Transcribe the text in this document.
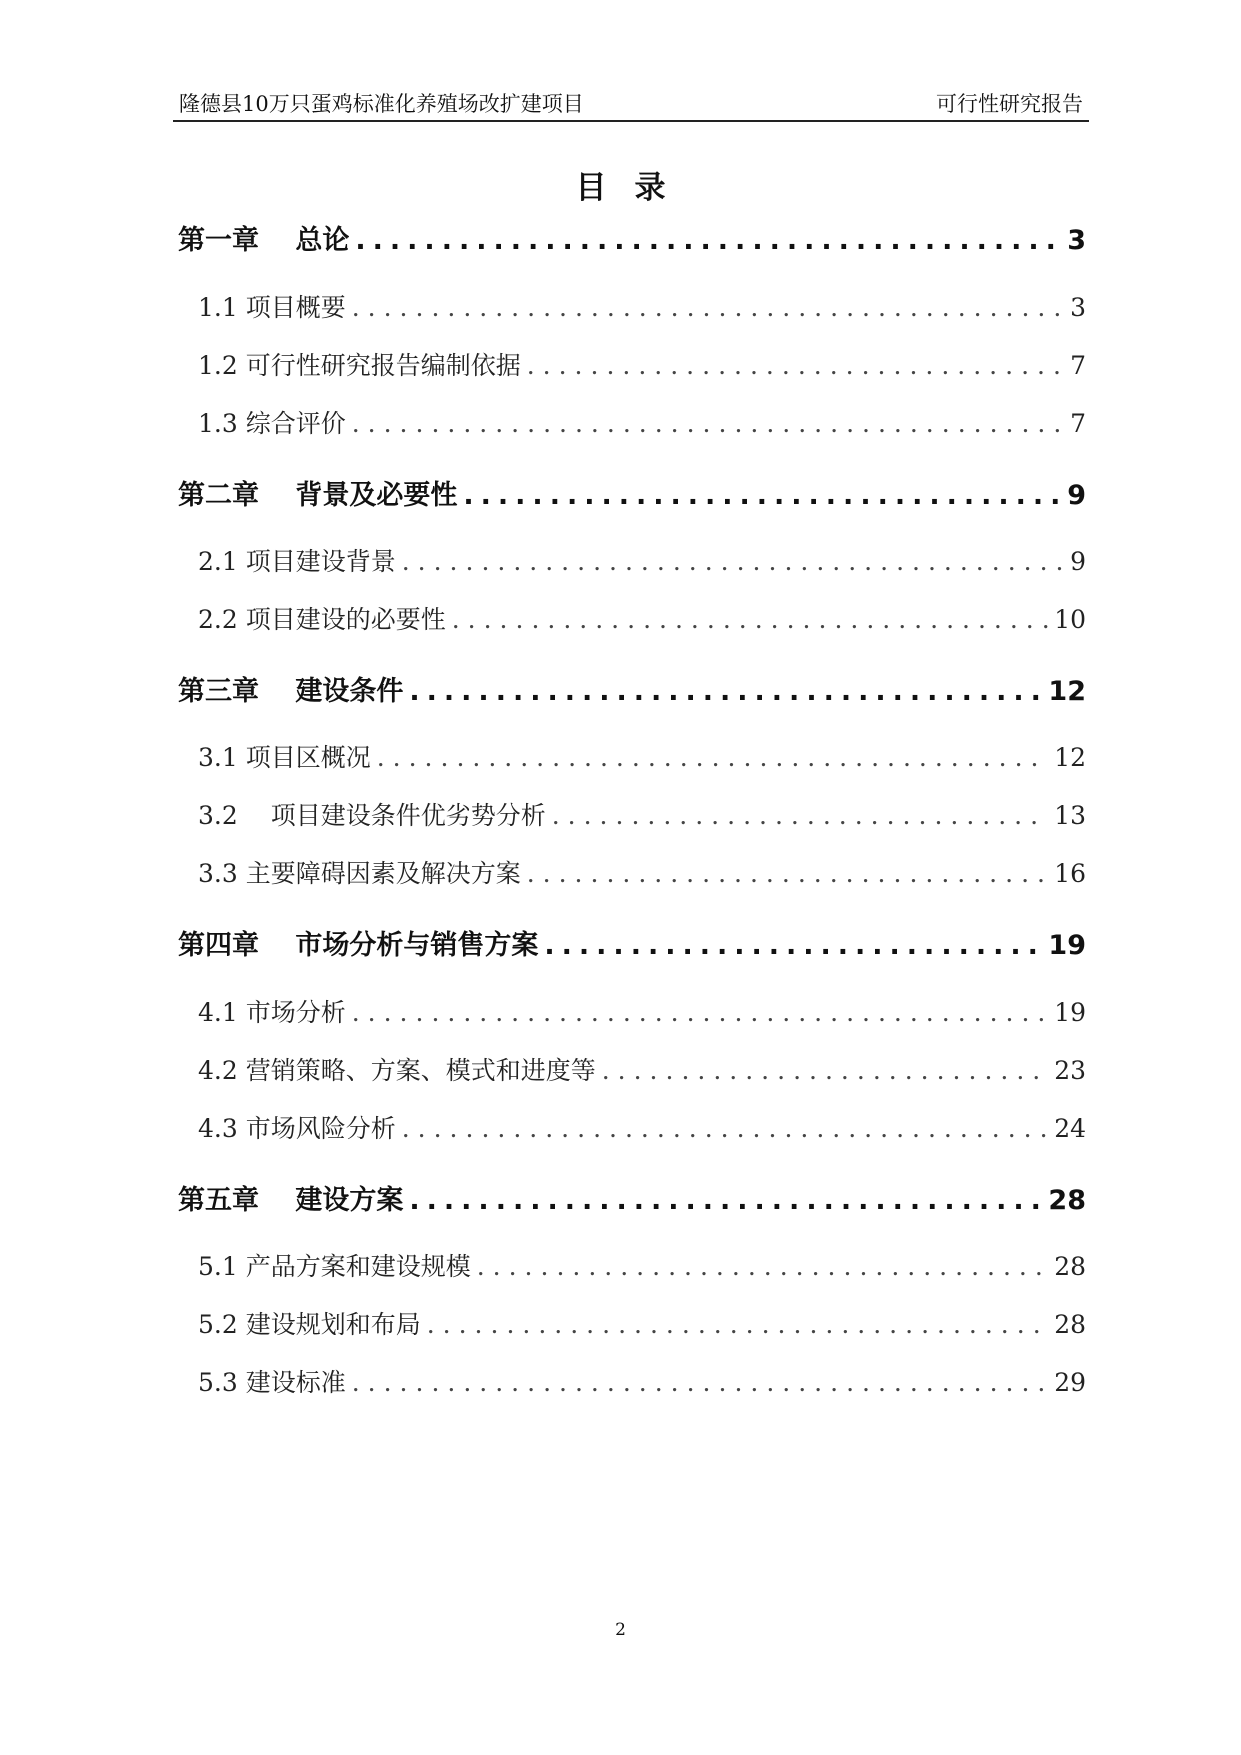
隆德县10万只蛋鸡标准化养殖场改扩建项目	可行性研究报告
目录
第一章　 总论 .....	3
1.1 项目概要 .....	3
1.2 可行性研究报告编制依据 .....	7
1.3 综合评价 .....	7
第二章　 背景及必要性 .....	9
2.1 项目建设背景 .....	9
2.2 项目建设的必要性 .....	10
第三章　 建设条件 .....	12
3.1 项目区概况 .....	12
3.2　 项目建设条件优劣势分析 .....	13
3.3 主要障碍因素及解决方案 .....	16
第四章　 市场分析与销售方案 .....	19
4.1 市场分析 .....	19
4.2 营销策略、方案、模式和进度等 .....	23
4.3 市场风险分析 .....	24
第五章　 建设方案 .....	28
5.1 产品方案和建设规模 .....	28
5.2 建设规划和布局 .....	28
5.3 建设标准 .....	29
2
